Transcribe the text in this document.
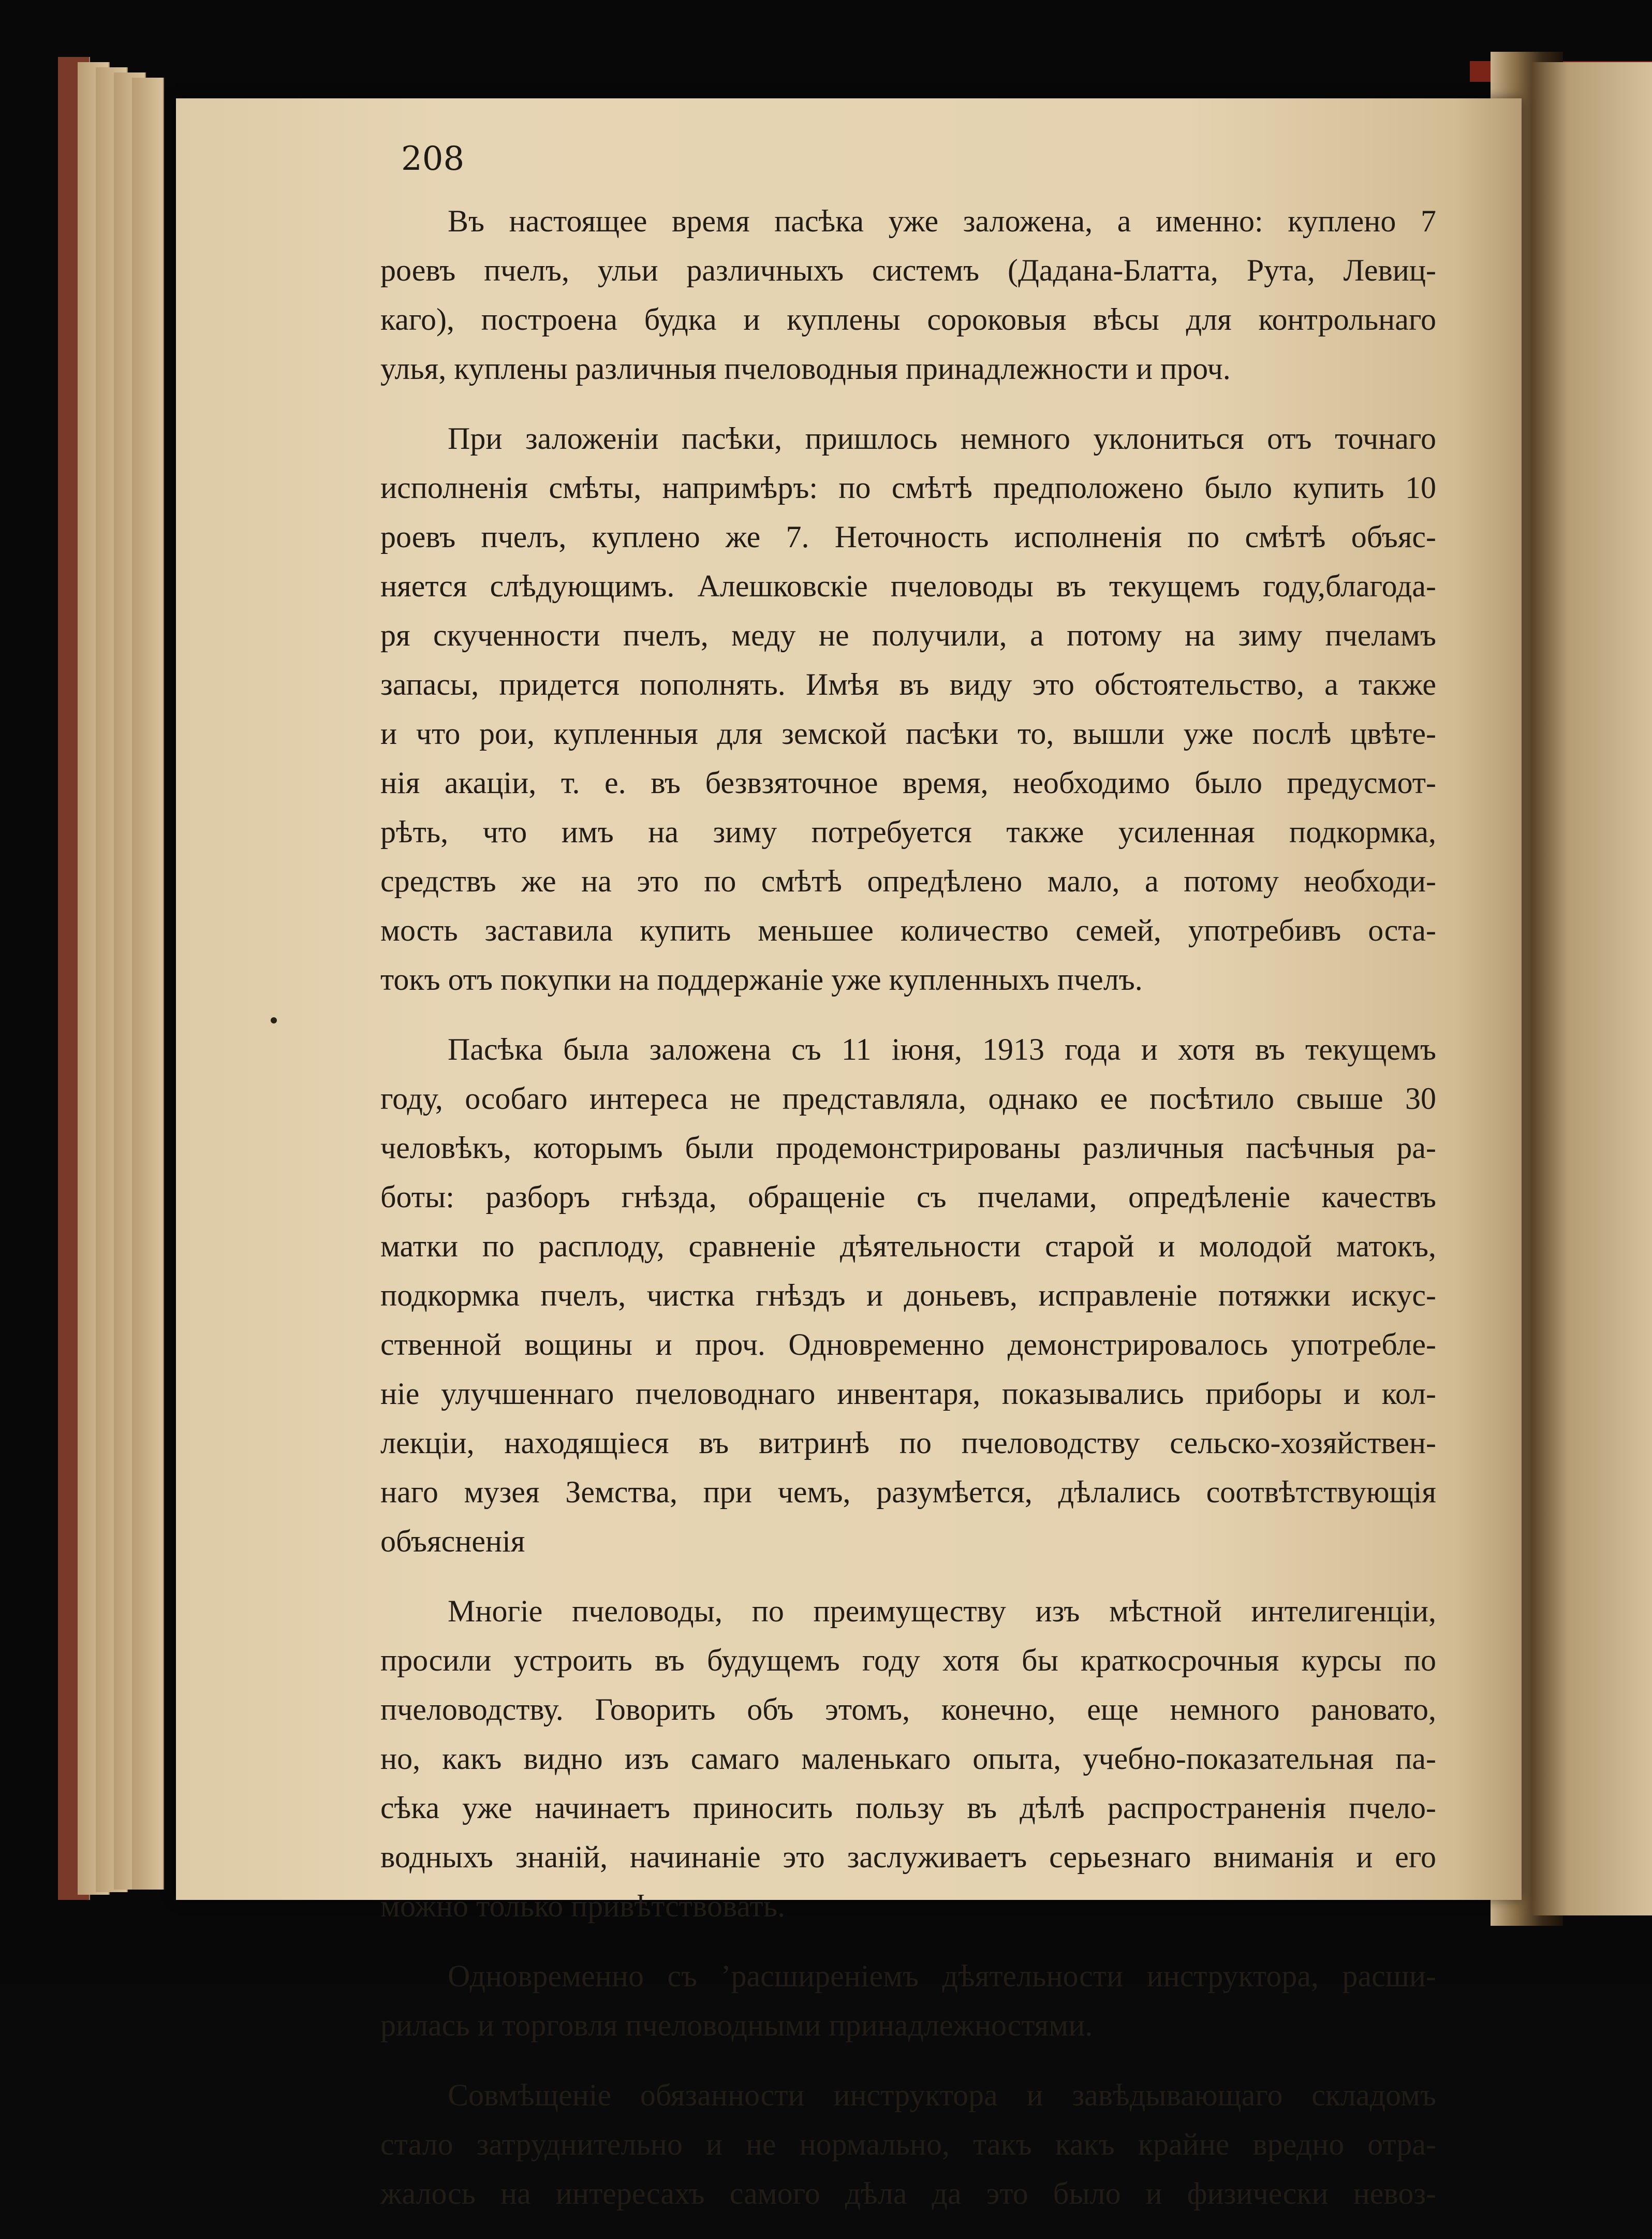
208

Въ настоящее время пасѣка уже заложена, а именно: куплено 7
роевъ пчелъ, ульи различныхъ системъ (Дадана-Блатта, Рута, Левиц-
каго), построена будка и куплены сороковыя вѣсы для контрольнаго
улья, куплены различныя пчеловодныя принадлежности и проч.
При заложеніи пасѣки, пришлось немного уклониться отъ точнаго
исполненія смѣты, напримѣръ: по смѣтѣ предположено было купить 10
роевъ пчелъ, куплено же 7. Неточность исполненія по смѣтѣ объяс-
няется слѣдующимъ. Алешковскіе пчеловоды въ текущемъ году,благода-
ря скученности пчелъ, меду не получили, а потому на зиму пчеламъ
запасы, придется пополнять. Имѣя въ виду это обстоятельство, а также
и что рои, купленныя для земской пасѣки то, вышли уже послѣ цвѣте-
нія акаціи, т. е. въ безвзяточное время, необходимо было предусмот-
рѣть, что имъ на зиму потребуется также усиленная подкормка,
средствъ же на это по смѣтѣ опредѣлено мало, а потому необходи-
мость заставила купить меньшее количество семей, употребивъ оста-
токъ отъ покупки на поддержаніе уже купленныхъ пчелъ.
Пасѣка была заложена съ 11 іюня, 1913 года и хотя въ текущемъ
году, особаго интереса не представляла, однако ее посѣтило свыше 30
человѣкъ, которымъ были продемонстрированы различныя пасѣчныя ра-
боты: разборъ гнѣзда, обращеніе съ пчелами, опредѣленіе качествъ
матки по расплоду, сравненіе дѣятельности старой и молодой матокъ,
подкормка пчелъ, чистка гнѣздъ и доньевъ, исправленіе потяжки искус-
ственной вощины и проч. Одновременно демонстрировалось употребле-
ніе улучшеннаго пчеловоднаго инвентаря, показывались приборы и кол-
лекціи, находящіеся въ витринѣ по пчеловодству сельско-хозяйствен-
наго музея Земства, при чемъ, разумѣется, дѣлались соотвѣтствующія
объясненія
Многіе пчеловоды, по преимуществу изъ мѣстной интелигенціи,
просили устроить въ будущемъ году хотя бы краткосрочныя курсы по
пчеловодству. Говорить объ этомъ, конечно, еще немного рановато,
но, какъ видно изъ самаго маленькаго опыта, учебно-показательная па-
сѣка уже начинаетъ приносить пользу въ дѣлѣ распространенія пчело-
водныхъ знаній, начинаніе это заслуживаетъ серьезнаго вниманія и его
можно только привѣтствовать.
Одновременно съ ʼрасширеніемъ дѣятельности инструктора, расши-
рилась и торговля пчеловодными принадлежностями.
Совмѣщеніе обязанности инструктора и завѣдывающаго складомъ
стало затруднительно и не нормально, такъ какъ крайне вредно отра-
жалось на интересахъ самого дѣла да это было и физически невоз-
